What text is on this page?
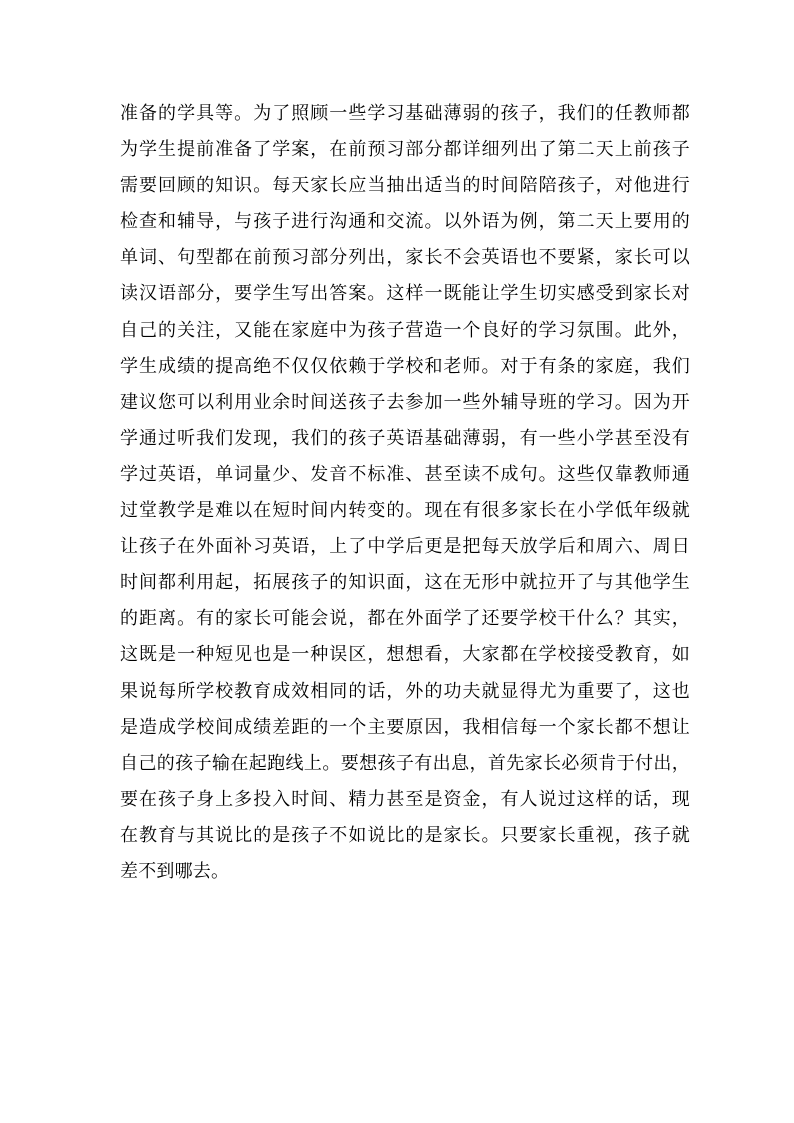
准备的学具等。为了照顾一些学习基础薄弱的孩子，我们的任教师都
为学生提前准备了学案，在前预习部分都详细列出了第二天上前孩子
需要回顾的知识。每天家长应当抽出适当的时间陪陪孩子，对他进行
检查和辅导，与孩子进行沟通和交流。以外语为例，第二天上要用的
单词、句型都在前预习部分列出，家长不会英语也不要紧，家长可以
读汉语部分，要学生写出答案。这样一既能让学生切实感受到家长对
自己的关注，又能在家庭中为孩子营造一个良好的学习氛围。此外，
学生成绩的提高绝不仅仅依赖于学校和老师。对于有条的家庭，我们
建议您可以利用业余时间送孩子去参加一些外辅导班的学习。因为开
学通过听我们发现，我们的孩子英语基础薄弱，有一些小学甚至没有
学过英语，单词量少、发音不标准、甚至读不成句。这些仅靠教师通
过堂教学是难以在短时间内转变的。现在有很多家长在小学低年级就
让孩子在外面补习英语，上了中学后更是把每天放学后和周六、周日
时间都利用起，拓展孩子的知识面，这在无形中就拉开了与其他学生
的距离。有的家长可能会说，都在外面学了还要学校干什么？其实，
这既是一种短见也是一种误区，想想看，大家都在学校接受教育，如
果说每所学校教育成效相同的话，外的功夫就显得尤为重要了，这也
是造成学校间成绩差距的一个主要原因，我相信每一个家长都不想让
自己的孩子输在起跑线上。要想孩子有出息，首先家长必须肯于付出，
要在孩子身上多投入时间、精力甚至是资金，有人说过这样的话，现
在教育与其说比的是孩子不如说比的是家长。只要家长重视，孩子就
差不到哪去。
